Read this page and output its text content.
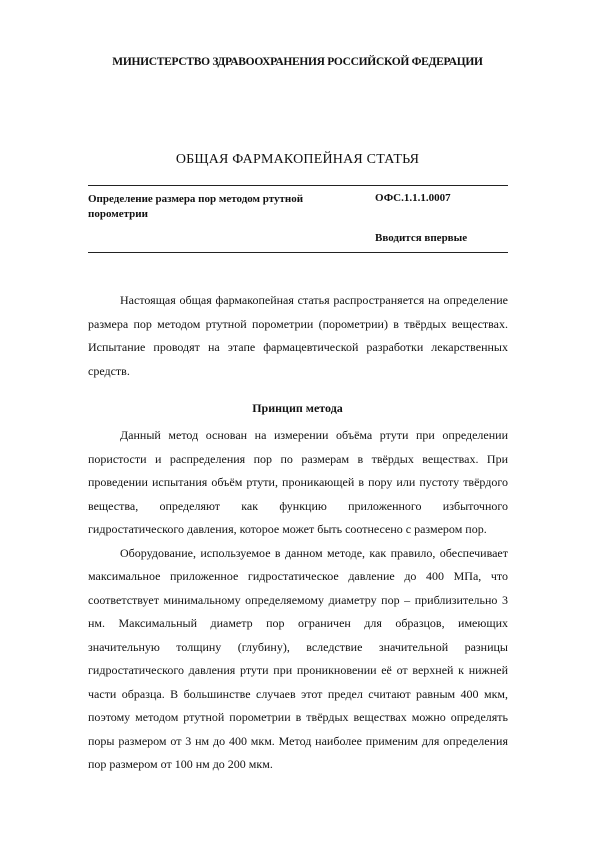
МИНИСТЕРСТВО ЗДРАВООХРАНЕНИЯ РОССИЙСКОЙ ФЕДЕРАЦИИ
ОБЩАЯ ФАРМАКОПЕЙНАЯ СТАТЬЯ
Определение размера пор методом ртутной порометрии
ОФС.1.1.1.0007
Вводится впервые

Настоящая общая фармакопейная статья распространяется на определение размера пор методом ртутной порометрии (порометрии) в твёрдых веществах. Испытание проводят на этапе фармацевтической разработки лекарственных средств.

Принцип метода

Данный метод основан на измерении объёма ртути при определении пористости и распределения пор по размерам в твёрдых веществах. При проведении испытания объём ртути, проникающей в пору или пустоту твёрдого вещества, определяют как функцию приложенного избыточного гидростатического давления, которое может быть соотнесено с размером пор.

Оборудование, используемое в данном методе, как правило, обеспечивает максимальное приложенное гидростатическое давление до 400 МПа, что соответствует минимальному определяемому диаметру пор – приблизительно 3 нм. Максимальный диаметр пор ограничен для образцов, имеющих значительную толщину (глубину), вследствие значительной разницы гидростатического давления ртути при проникновении её от верхней к нижней части образца. В большинстве случаев этот предел считают равным 400 мкм, поэтому методом ртутной порометрии в твёрдых веществах можно определять поры размером от 3 нм до 400 мкм. Метод наиболее применим для определения пор размером от 100 нм до 200 мкм.
